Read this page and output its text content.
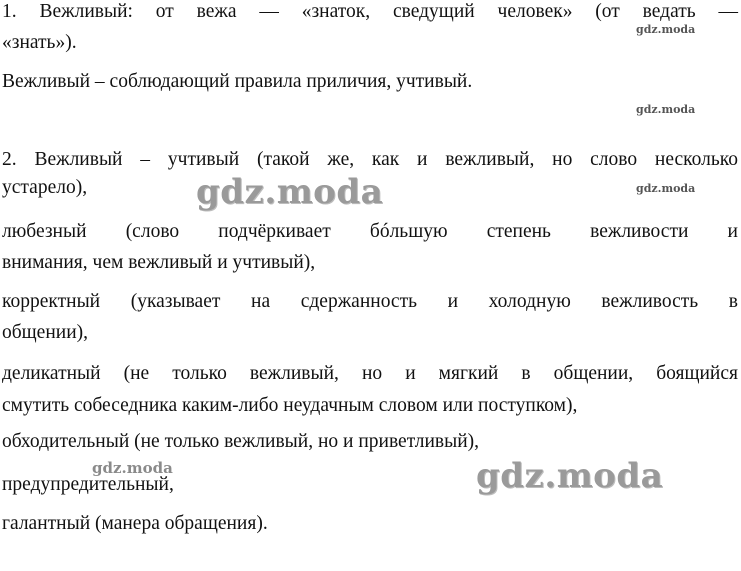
1. Вежливый: от вежа — «знаток, сведущий человек» (от ведать —
«знать»).
Вежливый – соблюдающий правила приличия, учтивый.
2. Вежливый – учтивый (такой же, как и вежливый, но слово несколько
устарело),
любезный (слово подчёркивает бóльшую степень вежливости и
внимания, чем вежливый и учтивый),
корректный (указывает на сдержанность и холодную вежливость в
общении),
деликатный (не только вежливый, но и мягкий в общении, боящийся
смутить собеседника каким-либо неудачным словом или поступком),
обходительный (не только вежливый, но и приветливый),
предупредительный,
галантный (манера обращения).
gdz.moda
gdz.moda
gdz.moda
gdz.moda
gdz.moda
gdz.moda
